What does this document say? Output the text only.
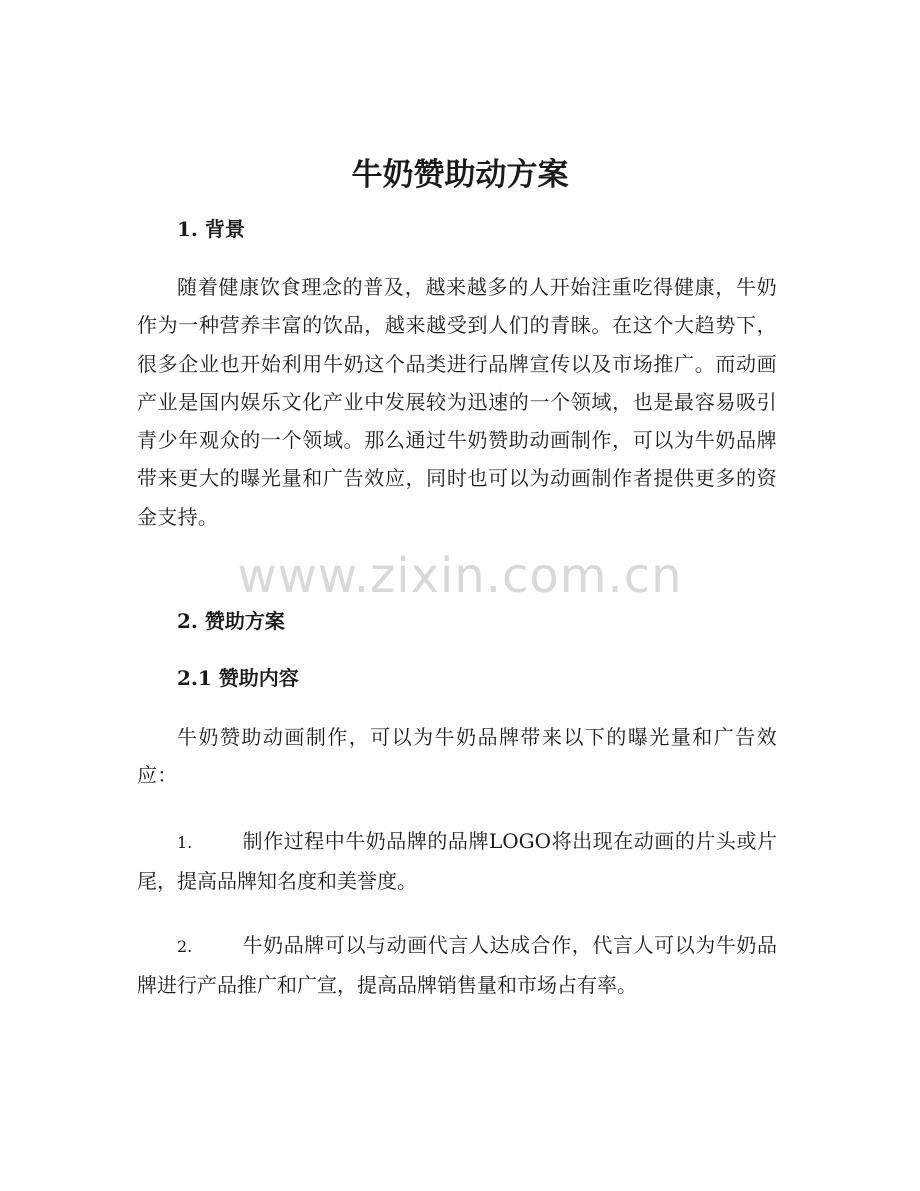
牛奶赞助动方案
1. 背景

随着健康饮食理念的普及，越来越多的人开始注重吃得健康，牛奶作为一种营养丰富的饮品，越来越受到人们的青睐。在这个大趋势下，很多企业也开始利用牛奶这个品类进行品牌宣传以及市场推广。而动画产业是国内娱乐文化产业中发展较为迅速的一个领域，也是最容易吸引青少年观众的一个领域。那么通过牛奶赞助动画制作，可以为牛奶品牌带来更大的曝光量和广告效应，同时也可以为动画制作者提供更多的资金支持。

2. 赞助方案
2.1 赞助内容

牛奶赞助动画制作，可以为牛奶品牌带来以下的曝光量和广告效应：

1. 制作过程中牛奶品牌的品牌LOGO将出现在动画的片头或片尾，提高品牌知名度和美誉度。

2. 牛奶品牌可以与动画代言人达成合作，代言人可以为牛奶品牌进行产品推广和广宣，提高品牌销售量和市场占有率。

www.zixin.com.cn
